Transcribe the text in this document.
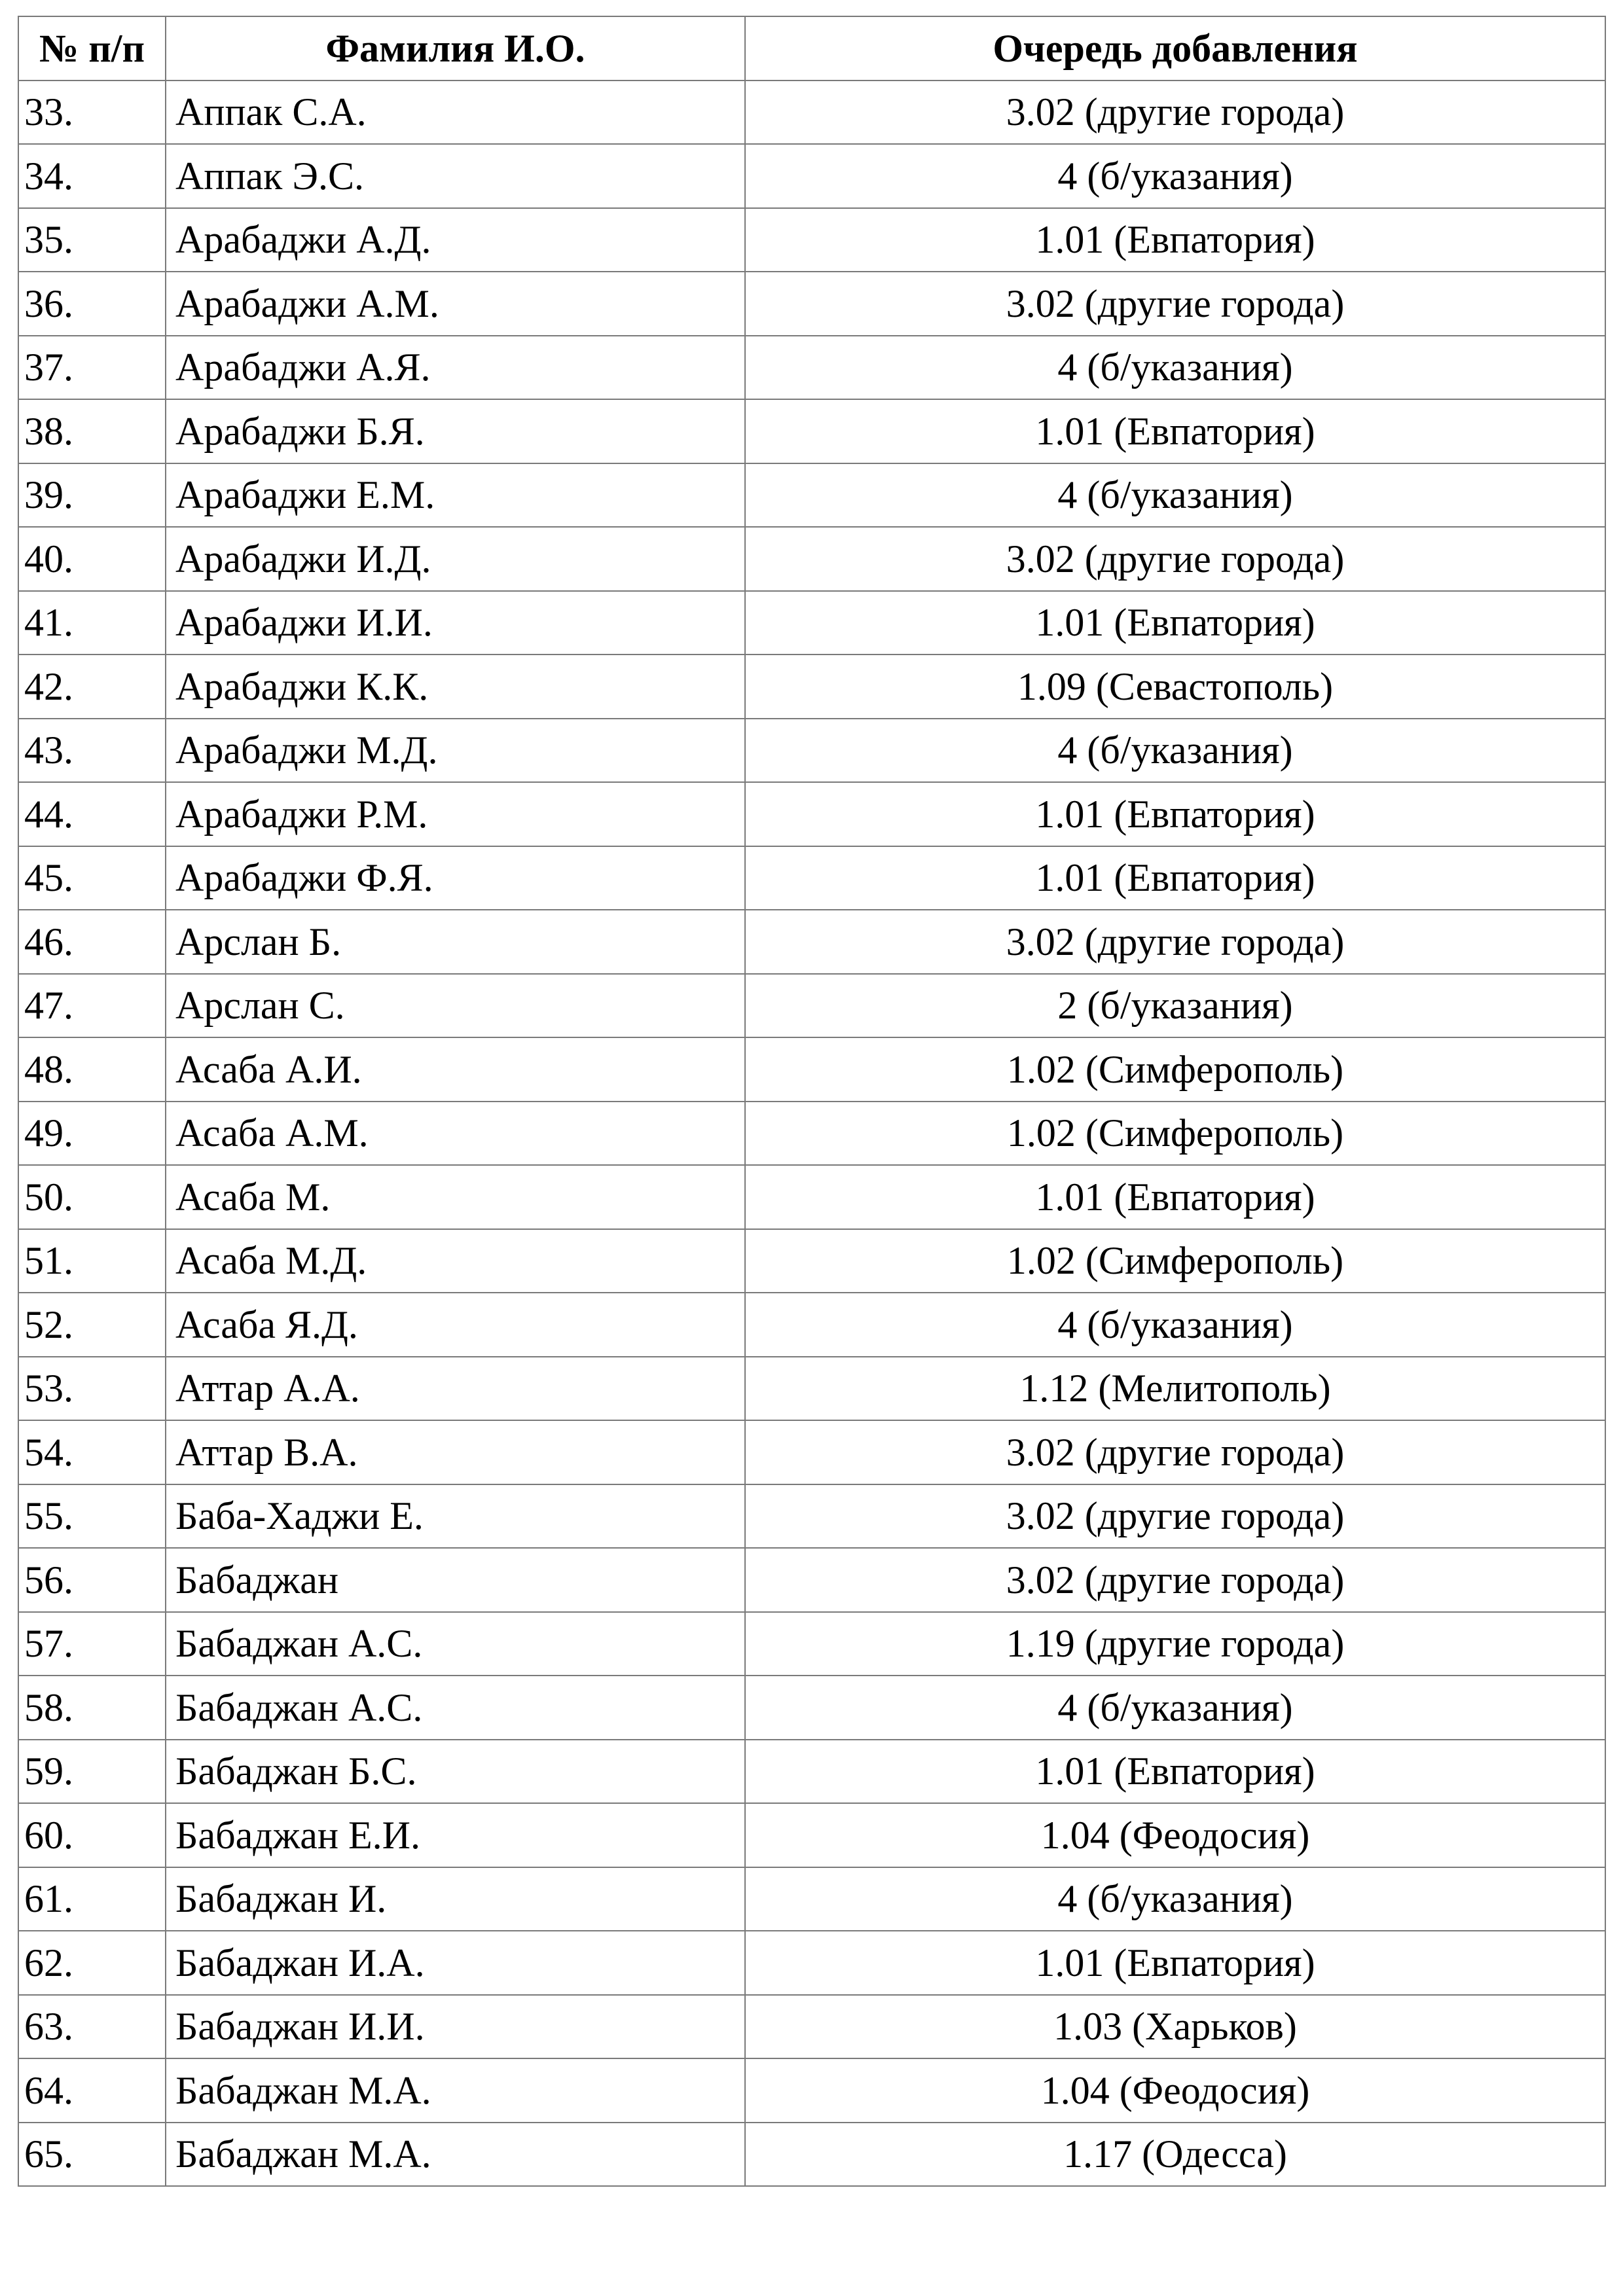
№ п/п	Фамилия И.О.	Очередь добавления
33.	Аппак С.А.	3.02 (другие города)
34.	Аппак Э.С.	4 (б/указания)
35.	Арабаджи А.Д.	1.01 (Евпатория)
36.	Арабаджи А.М.	3.02 (другие города)
37.	Арабаджи А.Я.	4 (б/указания)
38.	Арабаджи Б.Я.	1.01 (Евпатория)
39.	Арабаджи Е.М.	4 (б/указания)
40.	Арабаджи И.Д.	3.02 (другие города)
41.	Арабаджи И.И.	1.01 (Евпатория)
42.	Арабаджи К.К.	1.09 (Севастополь)
43.	Арабаджи М.Д.	4 (б/указания)
44.	Арабаджи Р.М.	1.01 (Евпатория)
45.	Арабаджи Ф.Я.	1.01 (Евпатория)
46.	Арслан Б.	3.02 (другие города)
47.	Арслан С.	2 (б/указания)
48.	Асаба А.И.	1.02 (Симферополь)
49.	Асаба А.М.	1.02 (Симферополь)
50.	Асаба М.	1.01 (Евпатория)
51.	Асаба М.Д.	1.02 (Симферополь)
52.	Асаба Я.Д.	4 (б/указания)
53.	Аттар А.А.	1.12 (Мелитополь)
54.	Аттар В.А.	3.02 (другие города)
55.	Баба-Хаджи Е.	3.02 (другие города)
56.	Бабаджан	3.02 (другие города)
57.	Бабаджан А.С.	1.19 (другие города)
58.	Бабаджан А.С.	4 (б/указания)
59.	Бабаджан Б.С.	1.01 (Евпатория)
60.	Бабаджан Е.И.	1.04 (Феодосия)
61.	Бабаджан И.	4 (б/указания)
62.	Бабаджан И.А.	1.01 (Евпатория)
63.	Бабаджан И.И.	1.03 (Харьков)
64.	Бабаджан М.А.	1.04 (Феодосия)
65.	Бабаджан М.А.	1.17 (Одесса)
